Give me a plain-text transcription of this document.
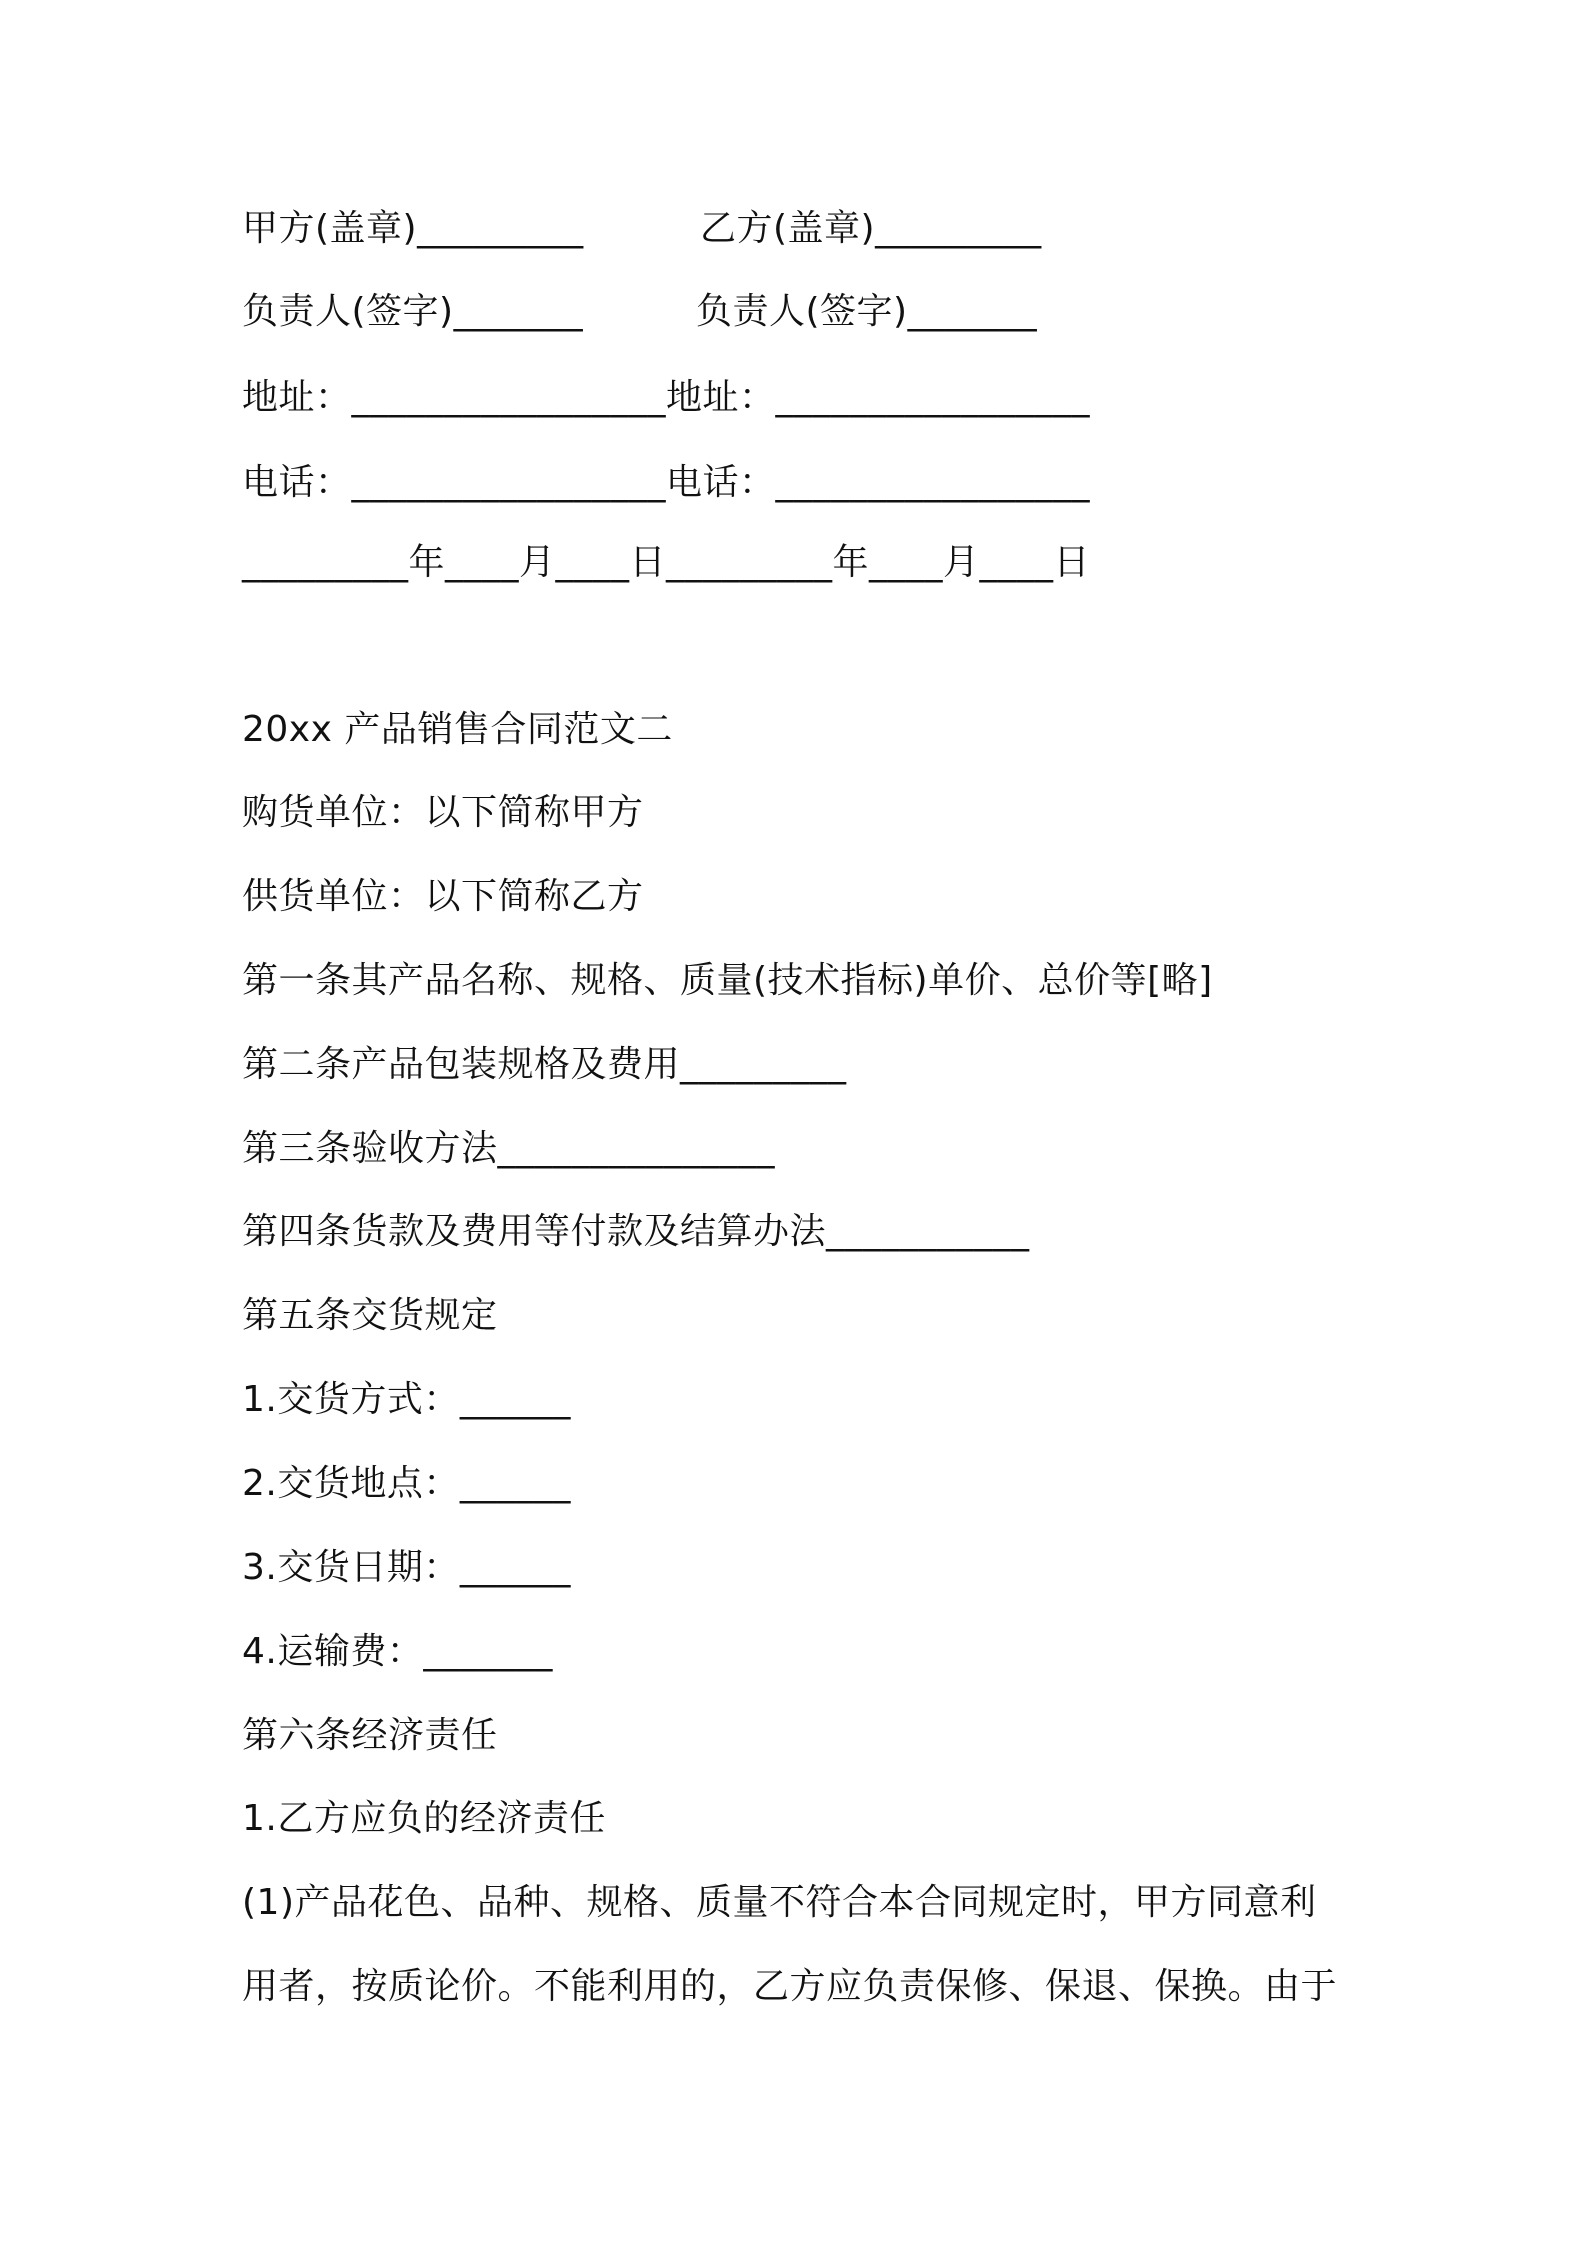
甲方(盖章)_________	乙方(盖章)_________
负责人(签字)_______	负责人(签字)_______
地址：_________________地址：_________________
电话：_________________电话：_________________
_________年____月____日_________年____月____日
20xx 产品销售合同范文二
购货单位：以下简称甲方
供货单位：以下简称乙方
第一条其产品名称、规格、质量(技术指标)单价、总价等[略]
第二条产品包装规格及费用_________
第三条验收方法_______________
第四条货款及费用等付款及结算办法___________
第五条交货规定
1.交货方式：______
2.交货地点：______
3.交货日期：______
4.运输费：_______
第六条经济责任
1.乙方应负的经济责任
(1)产品花色、品种、规格、质量不符合本合同规定时，甲方同意利
用者，按质论价。不能利用的，乙方应负责保修、保退、保换。由于
